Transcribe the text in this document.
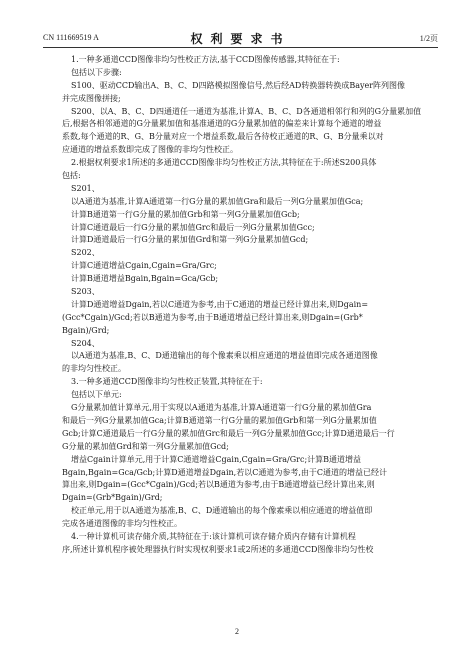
CN 111669519 A	权利要求书	1/2页
1.一种多通道CCD图像非均匀性校正方法,基于CCD图像传感器,其特征在于:
包括以下步骤:
S100、驱动CCD输出A、B、C、D四路模拟图像信号,然后经AD转换器转换成Bayer阵列图像
并完成图像拼接;
S200、以A、B、C、D四通道任一通道为基准,计算A、B、C、D各通道相邻行和列的G分量累加值
后,根据各相邻通道的G分量累加值和基准通道的G分量累加值的偏差来计算每个通道的增益
系数,每个通道的R、G、B分量对应一个增益系数,最后各待校正通道的R、G、B分量乘以对
应通道的增益系数即完成了图像的非均匀性校正。
2.根据权利要求1所述的多通道CCD图像非均匀性校正方法,其特征在于:所述S200具体
包括:
S201、
以A通道为基准,计算A通道第一行G分量的累加值Gra和最后一列G分量累加值Gca;
计算B通道第一行G分量的累加值Grb和第一列G分量累加值Gcb;
计算C通道最后一行G分量的累加值Grc和最后一列G分量累加值Gcc;
计算D通道最后一行G分量的累加值Grd和第一列G分量累加值Gcd;
S202、
计算C通道增益Cgain,Cgain=Gra/Grc;
计算B通道增益Bgain,Bgain=Gca/Gcb;
S203、
计算D通道增益Dgain,若以C通道为参考,由于C通道的增益已经计算出来,则Dgain=
(Gcc*Cgain)/Gcd;若以B通道为参考,由于B通道增益已经计算出来,则Dgain=(Grb*
Bgain)/Grd;
S204、
以A通道为基准,B、C、D通道输出的每个像素乘以相应通道的增益值即完成各通道图像
的非均匀性校正。
3.一种多通道CCD图像非均匀性校正装置,其特征在于:
包括以下单元:
G分量累加值计算单元,用于实现以A通道为基准,计算A通道第一行G分量的累加值Gra
和最后一列G分量累加值Gca;计算B通道第一行G分量的累加值Grb和第一列G分量累加值
Gcb;计算C通道最后一行G分量的累加值Grc和最后一列G分量累加值Gcc;计算D通道最后一行
G分量的累加值Grd和第一列G分量累加值Gcd;
增益Cgain计算单元,用于计算C通道增益Cgain,Cgain=Gra/Grc;计算B通道增益
Bgain,Bgain=Gca/Gcb;计算D通道增益Dgain,若以C通道为参考,由于C通道的增益已经计
算出来,则Dgain=(Gcc*Cgain)/Gcd;若以B通道为参考,由于B通道增益已经计算出来,则
Dgain=(Grb*Bgain)/Grd;
校正单元,用于以A通道为基准,B、C、D通道输出的每个像素乘以相应通道的增益值即
完成各通道图像的非均匀性校正。
4.一种计算机可读存储介质,其特征在于:该计算机可读存储介质内存储有计算机程
序,所述计算机程序被处理器执行时实现权利要求1或2所述的多通道CCD图像非均匀性校
2
